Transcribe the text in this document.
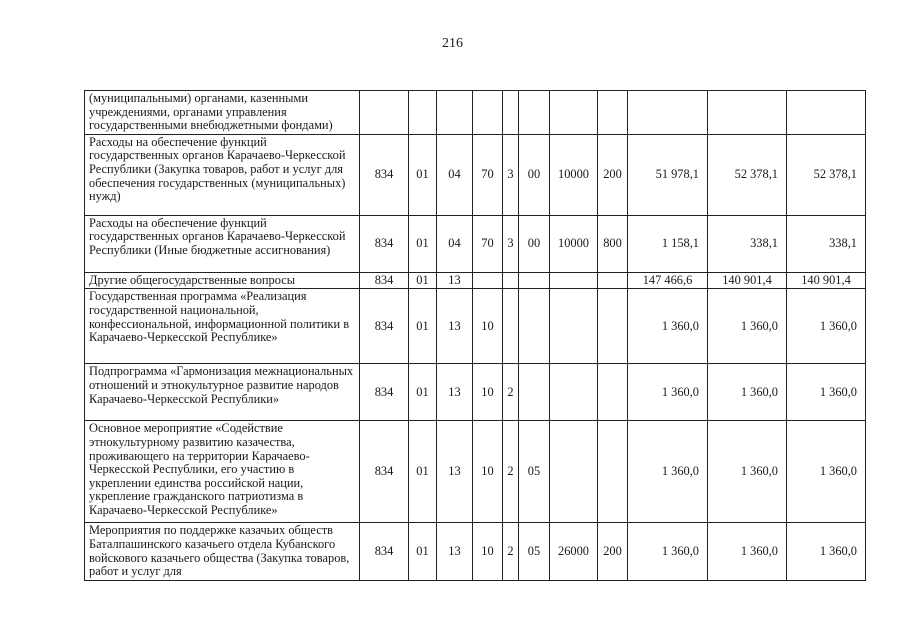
216
(муниципальными) органами, казенными учреждениями, органами управления государственными внебюджетными фондами)											
Расходы на обеспечение функций государственных органов Карачаево-Черкесской Республики (Закупка товаров, работ и услуг для обеспечения государственных (муниципальных) нужд)	834	01	04	70	3	00	10000	200	51 978,1	52 378,1	52 378,1
Расходы на обеспечение функций государственных органов Карачаево-Черкесской Республики (Иные бюджетные ассигнования)	834	01	04	70	3	00	10000	800	1 158,1	338,1	338,1
Другие общегосударственные вопросы	834	01	13						147 466,6	140 901,4	140 901,4
Государственная программа «Реализация государственной национальной, конфессиональной, информационной политики в Карачаево-Черкесской Республике»	834	01	13	10					1 360,0	1 360,0	1 360,0
Подпрограмма «Гармонизация межнациональных отношений и этнокультурное развитие народов Карачаево-Черкесской Республики»	834	01	13	10	2				1 360,0	1 360,0	1 360,0
Основное мероприятие «Содействие этнокультурному развитию казачества, проживающего на территории Карачаево-Черкесской Республики, его участию в укреплении единства российской нации, укрепление гражданского патриотизма в Карачаево-Черкесской Республике»	834	01	13	10	2	05			1 360,0	1 360,0	1 360,0
Мероприятия по поддержке казачьих обществ Баталпашинского казачьего отдела Кубанского войскового казачьего общества (Закупка товаров, работ и услуг для	834	01	13	10	2	05	26000	200	1 360,0	1 360,0	1 360,0
